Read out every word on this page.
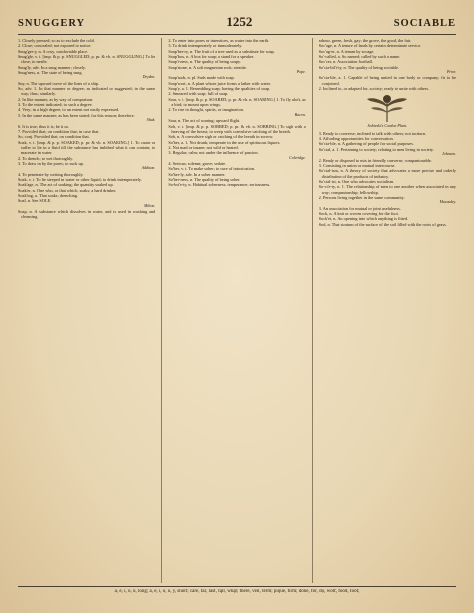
SNUGGERY	1252	SOCIABLE

1. Closely pressed; so as to exclude the cold.

2. Close; concealed; not exposed to notice.

Snug'ger-y, n. A cosy, comfortable place.

Snug'gle, v. i. [imp. & p. p. SNUGGLED; p. pr. & vb. n. SNUGGLING.] To lie close; to nestle.

Snug'ly, adv. In a snug manner; closely.

Snug'ness, n. The state of being snug.

Dryden.

Sny, n. The upward curve of the lines of a ship.

So, adv. 1. In that manner or degree; as indicated or suggested; in the same way; thus; similarly.

2. In like manner, as by way of comparison.

3. To the extent indicated; to such a degree.

4. Very; in a high degree; to an extent not easily expressed.

5. In the same manner; as has been stated; for this reason; therefore.

Shak.

6. It is true; thus it is; be it so.

7. Provided that; on condition that; in case that.

So, conj. Provided that; on condition that.

Soak, v. t. [imp. & p. p. SOAKED; p. pr. & vb. n. SOAKING.] 1. To cause or suffer to lie in a fluid till the substance has imbibed what it can contain; to macerate in water.

2. To drench; to wet thoroughly.

3. To draw in by the pores; to suck up.

Addison.

4. To penetrate by wetting thoroughly.

Soak, v. i. To lie steeped in water or other liquid; to drink intemperately.

Soak'age, n. The act of soaking; the quantity soaked up.

Soak'er, n. One who, or that which, soaks; a hard drinker.

Soak'ing, a. That soaks; drenching.

Soal, n. See SOLE.

Milton.

Soap, n. A substance which dissolves in water, and is used in washing and cleansing.

2. To enter into pores or interstices, as water into the earth.

3. To drink intemperately or immoderately.

Soap'ber-ry, n. The fruit of a tree used as a substitute for soap.

Soap'box, n. A box for soap; a stand for a speaker.

Soap'i-ness, n. The quality of being soapy.

Soap'stone, n. A soft magnesian rock; steatite.

Pope.

Soap'suds, n. pl. Suds made with soap.

Soap'wort, n. A plant whose juice forms a lather with water.

Soap'y, a. 1. Resembling soap; having the qualities of soap.

2. Smeared with soap; full of soap.

Soar, v. i. [imp. & p. p. SOARED; p. pr. & vb. n. SOARING.] 1. To fly aloft, as a bird; to mount upon wings.

2. To rise in thought, spirits, or imagination.

Bacon.

Soar, n. The act of soaring; upward flight.

Sob, v. i. [imp. & p. p. SOBBED; p. pr. & vb. n. SOBBING.] To sigh with a heaving of the breast; to weep with convulsive catching of the breath.

Sob, n. A convulsive sigh or catching of the breath in sorrow.

So'ber, a. 1. Not drunk; temperate in the use of spirituous liquors.

2. Not mad or insane; not wild or heated.

3. Regular; calm; not under the influence of passion.

Coleridge.

4. Serious; solemn; grave; sedate.

So'ber, v. t. To make sober; to cure of intoxication.

So'ber-ly, adv. In a sober manner.

So'ber-ness, n. The quality of being sober.

So-bri'e-ty, n. Habitual soberness; temperance; seriousness.

arbour, green, fresh, gay; the grove, the good, the fair.

Soc'age, n. A tenure of lands by certain determinate service.

Soc'ag-er, n. A tenant by socage.

So'-called, a. So named; called by such a name.

Soc'cer, n. Association football.

So'cia-bil'i-ty, n. The quality of being sociable.

Prior.

So'cia-ble, a. 1. Capable of being united in one body or company; fit to be conjoined.

2. Inclined to, or adapted for, society; ready to unite with others.

Sobieski's Cordon Plant.

3. Ready to converse; inclined to talk with others; not taciturn.

4. Affording opportunities for conversation.

So'cia-ble, n. A gathering of people for social purposes.

So'cial, a. 1. Pertaining to society; relating to men living in society.

Johnson.

2. Ready or disposed to mix in friendly converse; companionable.

3. Consisting in union or mutual intercourse.

So'cial-ism, n. A theory of society that advocates a more precise and orderly distribution of the products of industry.

So'cial-ist, n. One who advocates socialism.

So-ci'e-ty, n. 1. The relationship of men to one another when associated in any way; companionship; fellowship.

2. Persons living together in the same community.

Macaulay.

3. An association for mutual or joint usefulness.

Sock, n. A knit or woven covering for the foot.

Sock'et, n. An opening into which anything is fitted.

Sod, n. That stratum of the surface of the soil filled with the roots of grass.

ā, ē, ī, ō, ū, long; ă, ĕ, ĭ, ŏ, ŭ, ў, short; câre, fär, lȧst, fąll, whąt; thêre, veil, tẽrm; pïque, fïrm; dône, fôr, dọ, wolf, fōōd, fŏŏt;
